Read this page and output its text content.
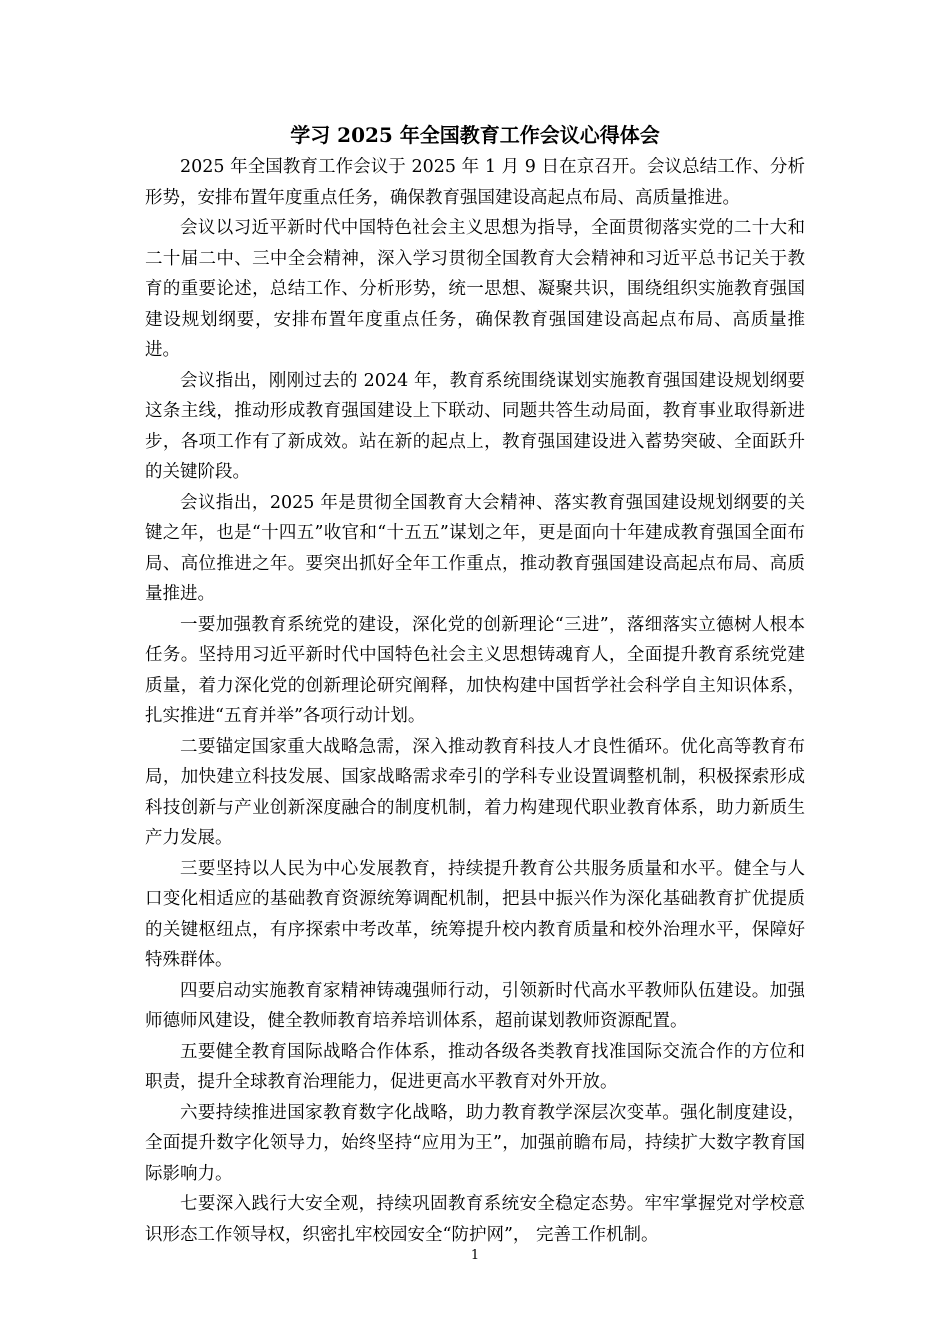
学习 2025 年全国教育工作会议心得体会

2025 年全国教育工作会议于 2025 年 1 月 9 日在京召开。会议总结工作、分析形势，安排布置年度重点任务，确保教育强国建设高起点布局、高质量推进。

会议以习近平新时代中国特色社会主义思想为指导，全面贯彻落实党的二十大和二十届二中、三中全会精神，深入学习贯彻全国教育大会精神和习近平总书记关于教育的重要论述，总结工作、分析形势，统一思想、凝聚共识，围绕组织实施教育强国建设规划纲要，安排布置年度重点任务，确保教育强国建设高起点布局、高质量推进。

会议指出，刚刚过去的 2024 年，教育系统围绕谋划实施教育强国建设规划纲要这条主线，推动形成教育强国建设上下联动、同题共答生动局面，教育事业取得新进步，各项工作有了新成效。站在新的起点上，教育强国建设进入蓄势突破、全面跃升的关键阶段。

会议指出，2025 年是贯彻全国教育大会精神、落实教育强国建设规划纲要的关键之年，也是“十四五”收官和“十五五”谋划之年，更是面向十年建成教育强国全面布局、高位推进之年。要突出抓好全年工作重点，推动教育强国建设高起点布局、高质量推进。

一要加强教育系统党的建设，深化党的创新理论“三进”，落细落实立德树人根本任务。坚持用习近平新时代中国特色社会主义思想铸魂育人，全面提升教育系统党建质量，着力深化党的创新理论研究阐释，加快构建中国哲学社会科学自主知识体系，扎实推进“五育并举”各项行动计划。

二要锚定国家重大战略急需，深入推动教育科技人才良性循环。优化高等教育布局，加快建立科技发展、国家战略需求牵引的学科专业设置调整机制，积极探索形成科技创新与产业创新深度融合的制度机制，着力构建现代职业教育体系，助力新质生产力发展。

三要坚持以人民为中心发展教育，持续提升教育公共服务质量和水平。健全与人口变化相适应的基础教育资源统筹调配机制，把县中振兴作为深化基础教育扩优提质的关键枢纽点，有序探索中考改革，统筹提升校内教育质量和校外治理水平，保障好特殊群体。

四要启动实施教育家精神铸魂强师行动，引领新时代高水平教师队伍建设。加强师德师风建设，健全教师教育培养培训体系，超前谋划教师资源配置。

五要健全教育国际战略合作体系，推动各级各类教育找准国际交流合作的方位和职责，提升全球教育治理能力，促进更高水平教育对外开放。

六要持续推进国家教育数字化战略，助力教育教学深层次变革。强化制度建设，全面提升数字化领导力，始终坚持“应用为王”，加强前瞻布局，持续扩大数字教育国际影响力。

七要深入践行大安全观，持续巩固教育系统安全稳定态势。牢牢掌握党对学校意识形态工作领导权，织密扎牢校园安全“防护网”， 完善工作机制。

1
